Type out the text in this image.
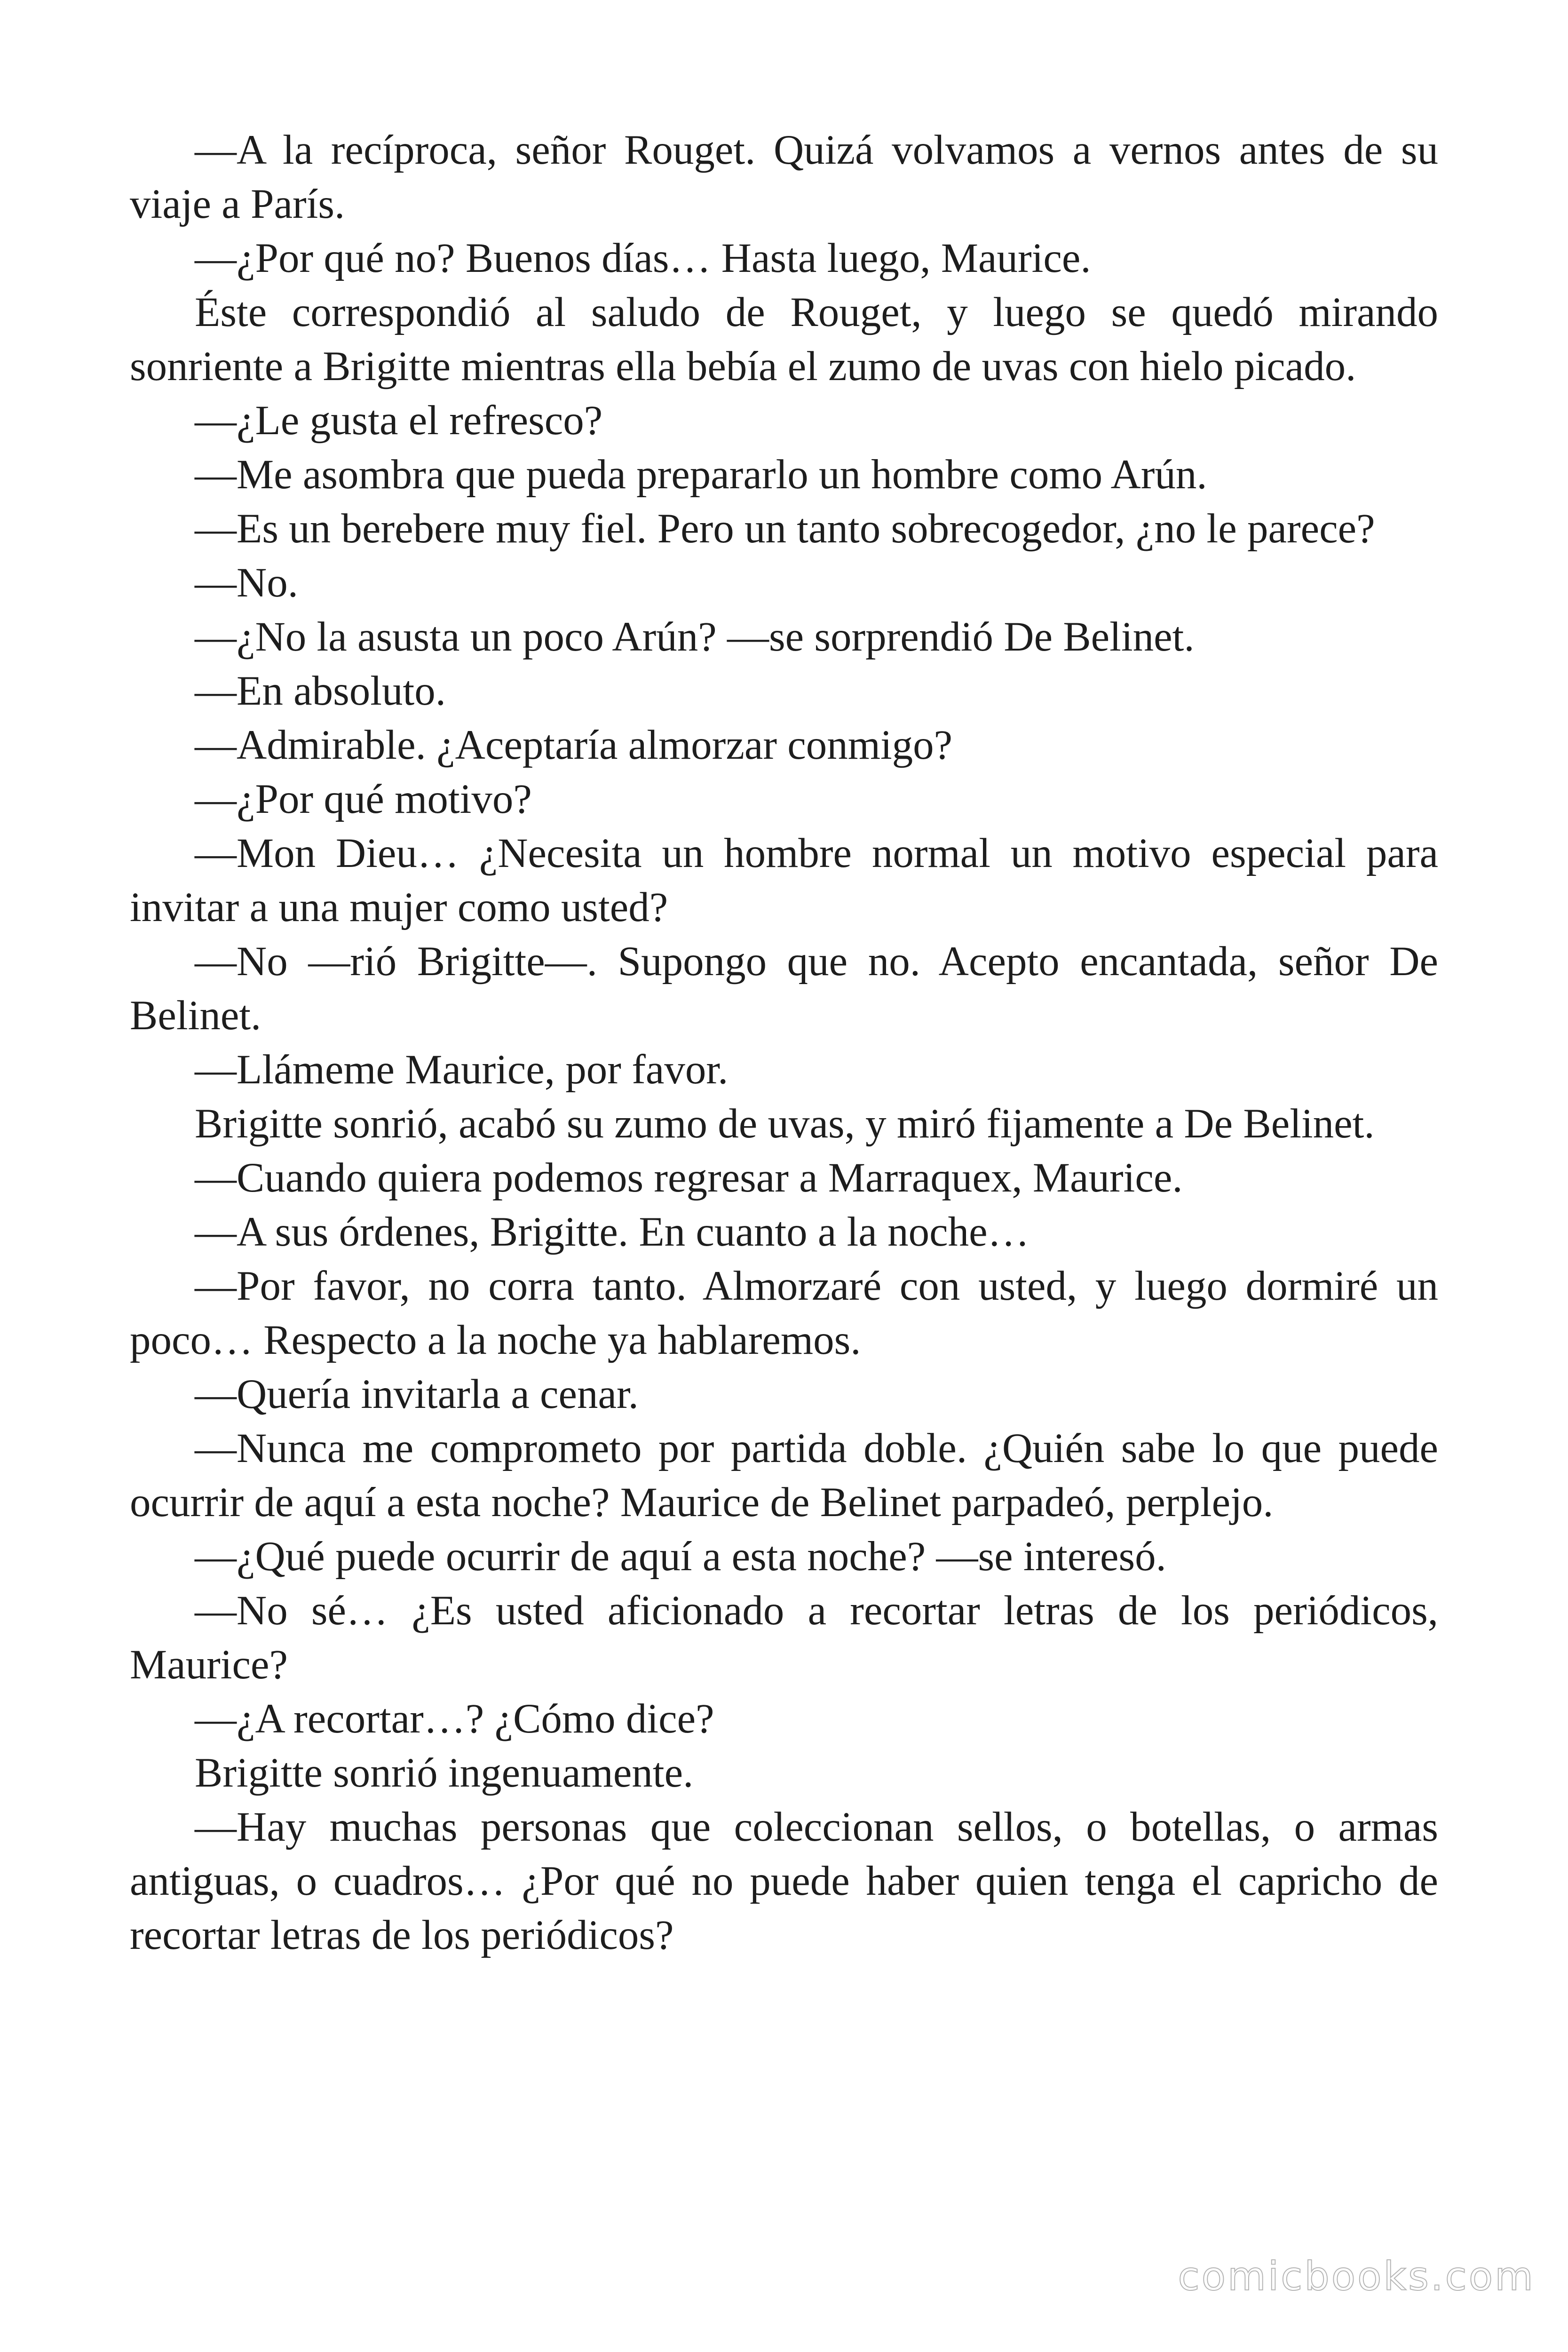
—A la recíproca, señor Rouget. Quizá volvamos a vernos antes de su viaje a París.

—¿Por qué no? Buenos días… Hasta luego, Maurice.

Éste correspondió al saludo de Rouget, y luego se quedó mirando sonriente a Brigitte mientras ella bebía el zumo de uvas con hielo picado.

—¿Le gusta el refresco?

—Me asombra que pueda prepararlo un hombre como Arún.

—Es un berebere muy fiel. Pero un tanto sobrecogedor, ¿no le parece?

—No.

—¿No la asusta un poco Arún? —se sorprendió De Belinet.

—En absoluto.

—Admirable. ¿Aceptaría almorzar conmigo?

—¿Por qué motivo?

—Mon Dieu… ¿Necesita un hombre normal un motivo especial para invitar a una mujer como usted?

—No —rió Brigitte—. Supongo que no. Acepto encantada, señor De Belinet.

—Llámeme Maurice, por favor.

Brigitte sonrió, acabó su zumo de uvas, y miró fijamente a De Belinet.

—Cuando quiera podemos regresar a Marraquex, Maurice.

—A sus órdenes, Brigitte. En cuanto a la noche…

—Por favor, no corra tanto. Almorzaré con usted, y luego dormiré un poco… Respecto a la noche ya hablaremos.

—Quería invitarla a cenar.

—Nunca me comprometo por partida doble. ¿Quién sabe lo que puede ocurrir de aquí a esta noche? Maurice de Belinet parpadeó, perplejo.

—¿Qué puede ocurrir de aquí a esta noche? —se interesó.

—No sé… ¿Es usted aficionado a recortar letras de los periódicos, Maurice?

—¿A recortar…? ¿Cómo dice?

Brigitte sonrió ingenuamente.

—Hay muchas personas que coleccionan sellos, o botellas, o armas antiguas, o cuadros… ¿Por qué no puede haber quien tenga el capricho de recortar letras de los periódicos?

comicbooks.com
